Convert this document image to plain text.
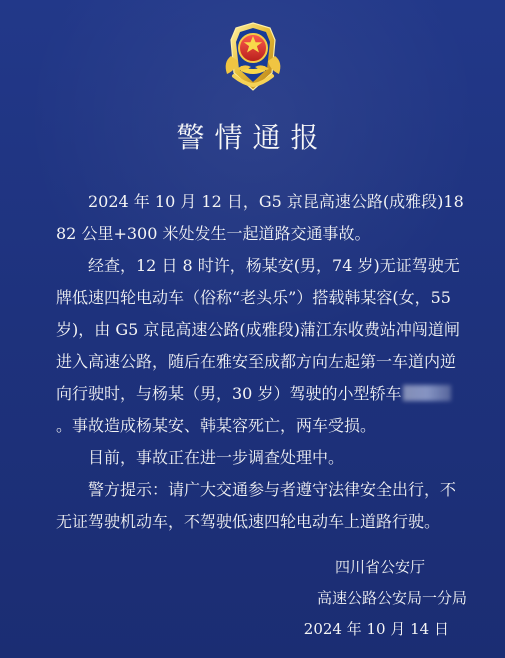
警情通报

2024 年 10 月 12 日，G5 京昆高速公路(成雅段)1882 公里+300 米处发生一起道路交通事故。

经查，12 日 8 时许，杨某安(男，74 岁)无证驾驶无牌低速四轮电动车（俗称“老头乐”）搭载韩某容(女，55 岁)，由 G5 京昆高速公路(成雅段)蒲江东收费站冲闯道闸进入高速公路，随后在雅安至成都方向左起第一车道内逆向行驶时，与杨某（男，30 岁）驾驶的小型轿车。事故造成杨某安、韩某容死亡，两车受损。

目前，事故正在进一步调查处理中。

警方提示：请广大交通参与者遵守法律安全出行，不无证驾驶机动车，不驾驶低速四轮电动车上道路行驶。

四川省公安厅
高速公路公安局一分局
2024 年 10 月 14 日
